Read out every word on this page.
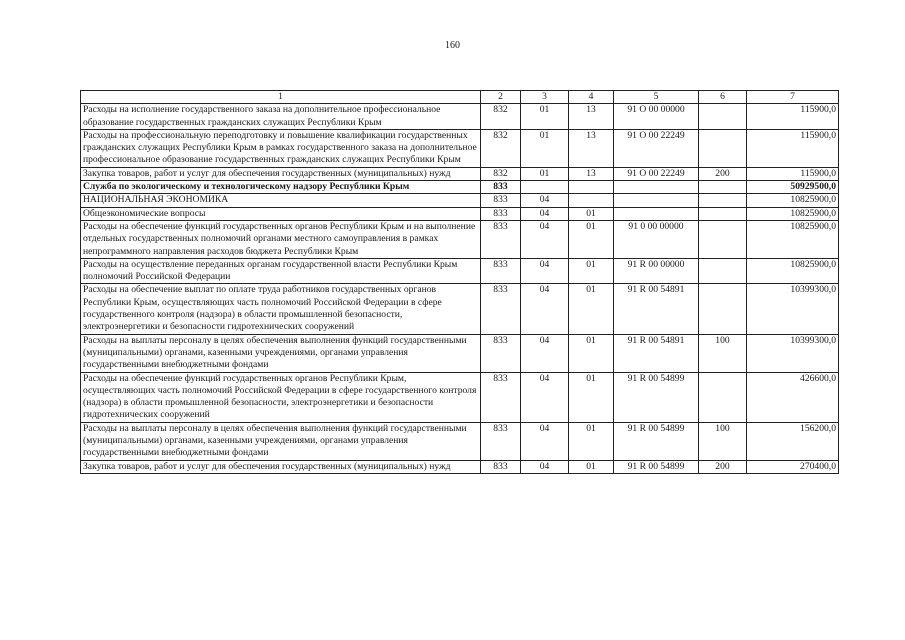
160
1	2	3	4	5	6	7
Расходы на исполнение государственного заказа на дополнительное профессиональное образование государственных гражданских служащих Республики Крым	832	01	13	91 О 00 00000		115900,0
Расходы на профессиональную переподготовку и повышение квалификации государственных гражданских служащих Республики Крым в рамках государственного заказа на дополнительное профессиональное образование государственных гражданских служащих Республики Крым	832	01	13	91 О 00 22249		115900,0
Закупка товаров, работ и услуг для обеспечения государственных (муниципальных) нужд	832	01	13	91 О 00 22249	200	115900,0
Служба по экологическому и технологическому надзору Республики Крым	833					50929500,0
НАЦИОНАЛЬНАЯ ЭКОНОМИКА	833	04				10825900,0
Общеэкономические вопросы	833	04	01			10825900,0
Расходы на обеспечение функций государственных органов Республики Крым и на выполнение отдельных государственных полномочий органами местного самоуправления в рамках непрограммного направления расходов бюджета Республики Крым	833	04	01	91 0 00 00000		10825900,0
Расходы на осуществление переданных органам государственной власти Республики Крым полномочий Российской Федерации	833	04	01	91 R 00 00000		10825900,0
Расходы на обеспечение выплат по оплате труда работников государственных органов Республики Крым, осуществляющих часть полномочий Российской Федерации в сфере государственного контроля (надзора) в области промышленной безопасности, электроэнергетики и безопасности гидротехнических сооружений	833	04	01	91 R 00 54891		10399300,0
Расходы на выплаты персоналу в целях обеспечения выполнения функций государственными (муниципальными) органами, казенными учреждениями, органами управления государственными внебюджетными фондами	833	04	01	91 R 00 54891	100	10399300,0
Расходы на обеспечение функций государственных органов Республики Крым, осуществляющих часть полномочий Российской Федерации в сфере государственного контроля (надзора) в области промышленной безопасности, электроэнергетики и безопасности гидротехнических сооружений	833	04	01	91 R 00 54899		426600,0
Расходы на выплаты персоналу в целях обеспечения выполнения функций государственными (муниципальными) органами, казенными учреждениями, органами управления государственными внебюджетными фондами	833	04	01	91 R 00 54899	100	156200,0
Закупка товаров, работ и услуг для обеспечения государственных (муниципальных) нужд	833	04	01	91 R 00 54899	200	270400,0
